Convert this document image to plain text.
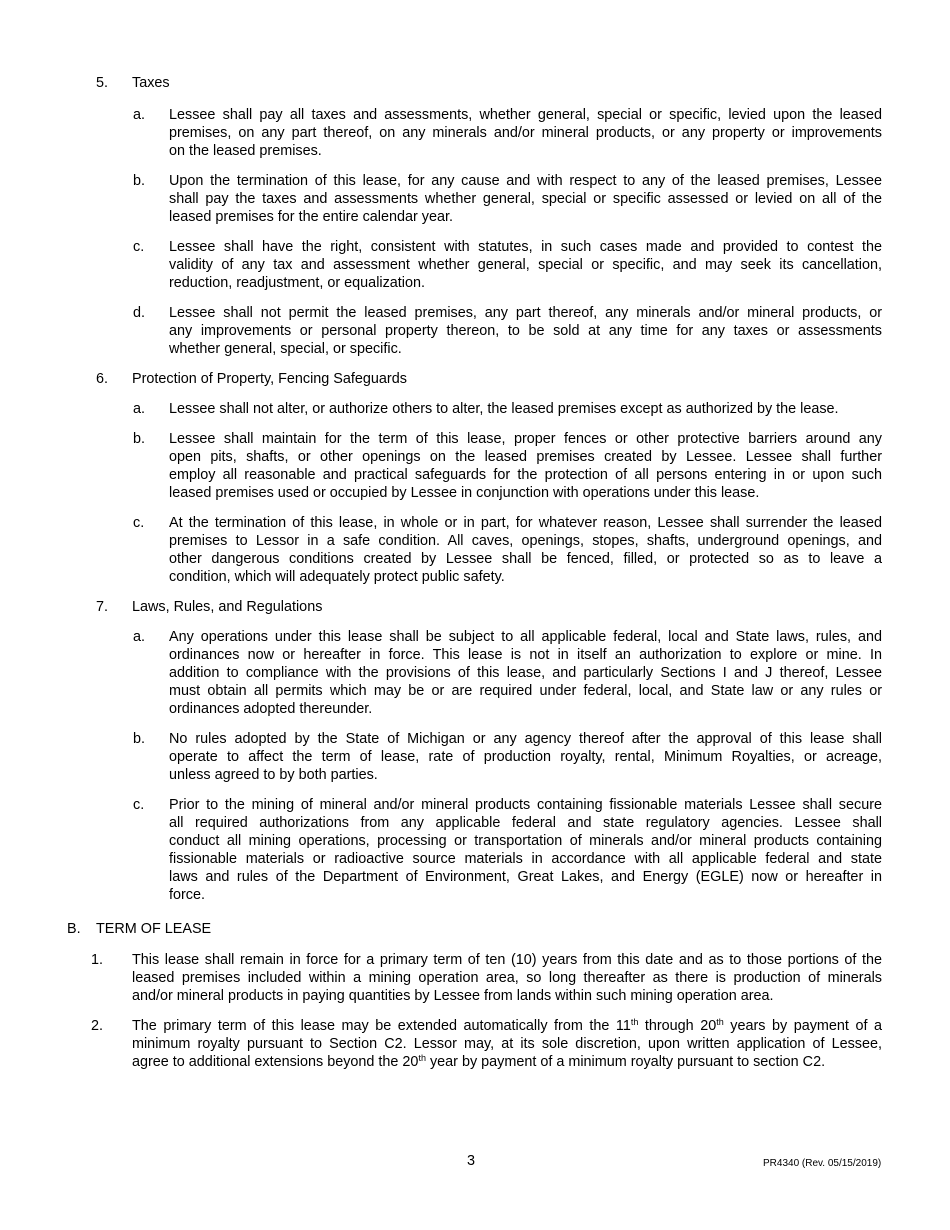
5. Taxes
a. Lessee shall pay all taxes and assessments, whether general, special or specific, levied upon the leased
premises, on any part thereof, on any minerals and/or mineral products, or any property or improvements
on the leased premises.
b. Upon the termination of this lease, for any cause and with respect to any of the leased premises, Lessee
shall pay the taxes and assessments whether general, special or specific assessed or levied on all of the
leased premises for the entire calendar year.
c. Lessee shall have the right, consistent with statutes, in such cases made and provided to contest the
validity of any tax and assessment whether general, special or specific, and may seek its cancellation,
reduction, readjustment, or equalization.
d. Lessee shall not permit the leased premises, any part thereof, any minerals and/or mineral products, or
any improvements or personal property thereon, to be sold at any time for any taxes or assessments
whether general, special, or specific.
6. Protection of Property, Fencing Safeguards
a. Lessee shall not alter, or authorize others to alter, the leased premises except as authorized by the lease.
b. Lessee shall maintain for the term of this lease, proper fences or other protective barriers around any
open pits, shafts, or other openings on the leased premises created by Lessee. Lessee shall further
employ all reasonable and practical safeguards for the protection of all persons entering in or upon such
leased premises used or occupied by Lessee in conjunction with operations under this lease.
c. At the termination of this lease, in whole or in part, for whatever reason, Lessee shall surrender the leased
premises to Lessor in a safe condition. All caves, openings, stopes, shafts, underground openings, and
other dangerous conditions created by Lessee shall be fenced, filled, or protected so as to leave a
condition, which will adequately protect public safety.
7. Laws, Rules, and Regulations
a. Any operations under this lease shall be subject to all applicable federal, local and State laws, rules, and
ordinances now or hereafter in force. This lease is not in itself an authorization to explore or mine. In
addition to compliance with the provisions of this lease, and particularly Sections I and J thereof, Lessee
must obtain all permits which may be or are required under federal, local, and State law or any rules or
ordinances adopted thereunder.
b. No rules adopted by the State of Michigan or any agency thereof after the approval of this lease shall
operate to affect the term of lease, rate of production royalty, rental, Minimum Royalties, or acreage,
unless agreed to by both parties.
c. Prior to the mining of mineral and/or mineral products containing fissionable materials Lessee shall secure
all required authorizations from any applicable federal and state regulatory agencies. Lessee shall
conduct all mining operations, processing or transportation of minerals and/or mineral products containing
fissionable materials or radioactive source materials in accordance with all applicable federal and state
laws and rules of the Department of Environment, Great Lakes, and Energy (EGLE) now or hereafter in
force.
B. TERM OF LEASE
1. This lease shall remain in force for a primary term of ten (10) years from this date and as to those portions of the
leased premises included within a mining operation area, so long thereafter as there is production of minerals
and/or mineral products in paying quantities by Lessee from lands within such mining operation area.
2. The primary term of this lease may be extended automatically from the 11th through 20th years by payment of a
minimum royalty pursuant to Section C2. Lessor may, at its sole discretion, upon written application of Lessee,
agree to additional extensions beyond the 20th year by payment of a minimum royalty pursuant to section C2.
3	PR4340 (Rev. 05/15/2019)
